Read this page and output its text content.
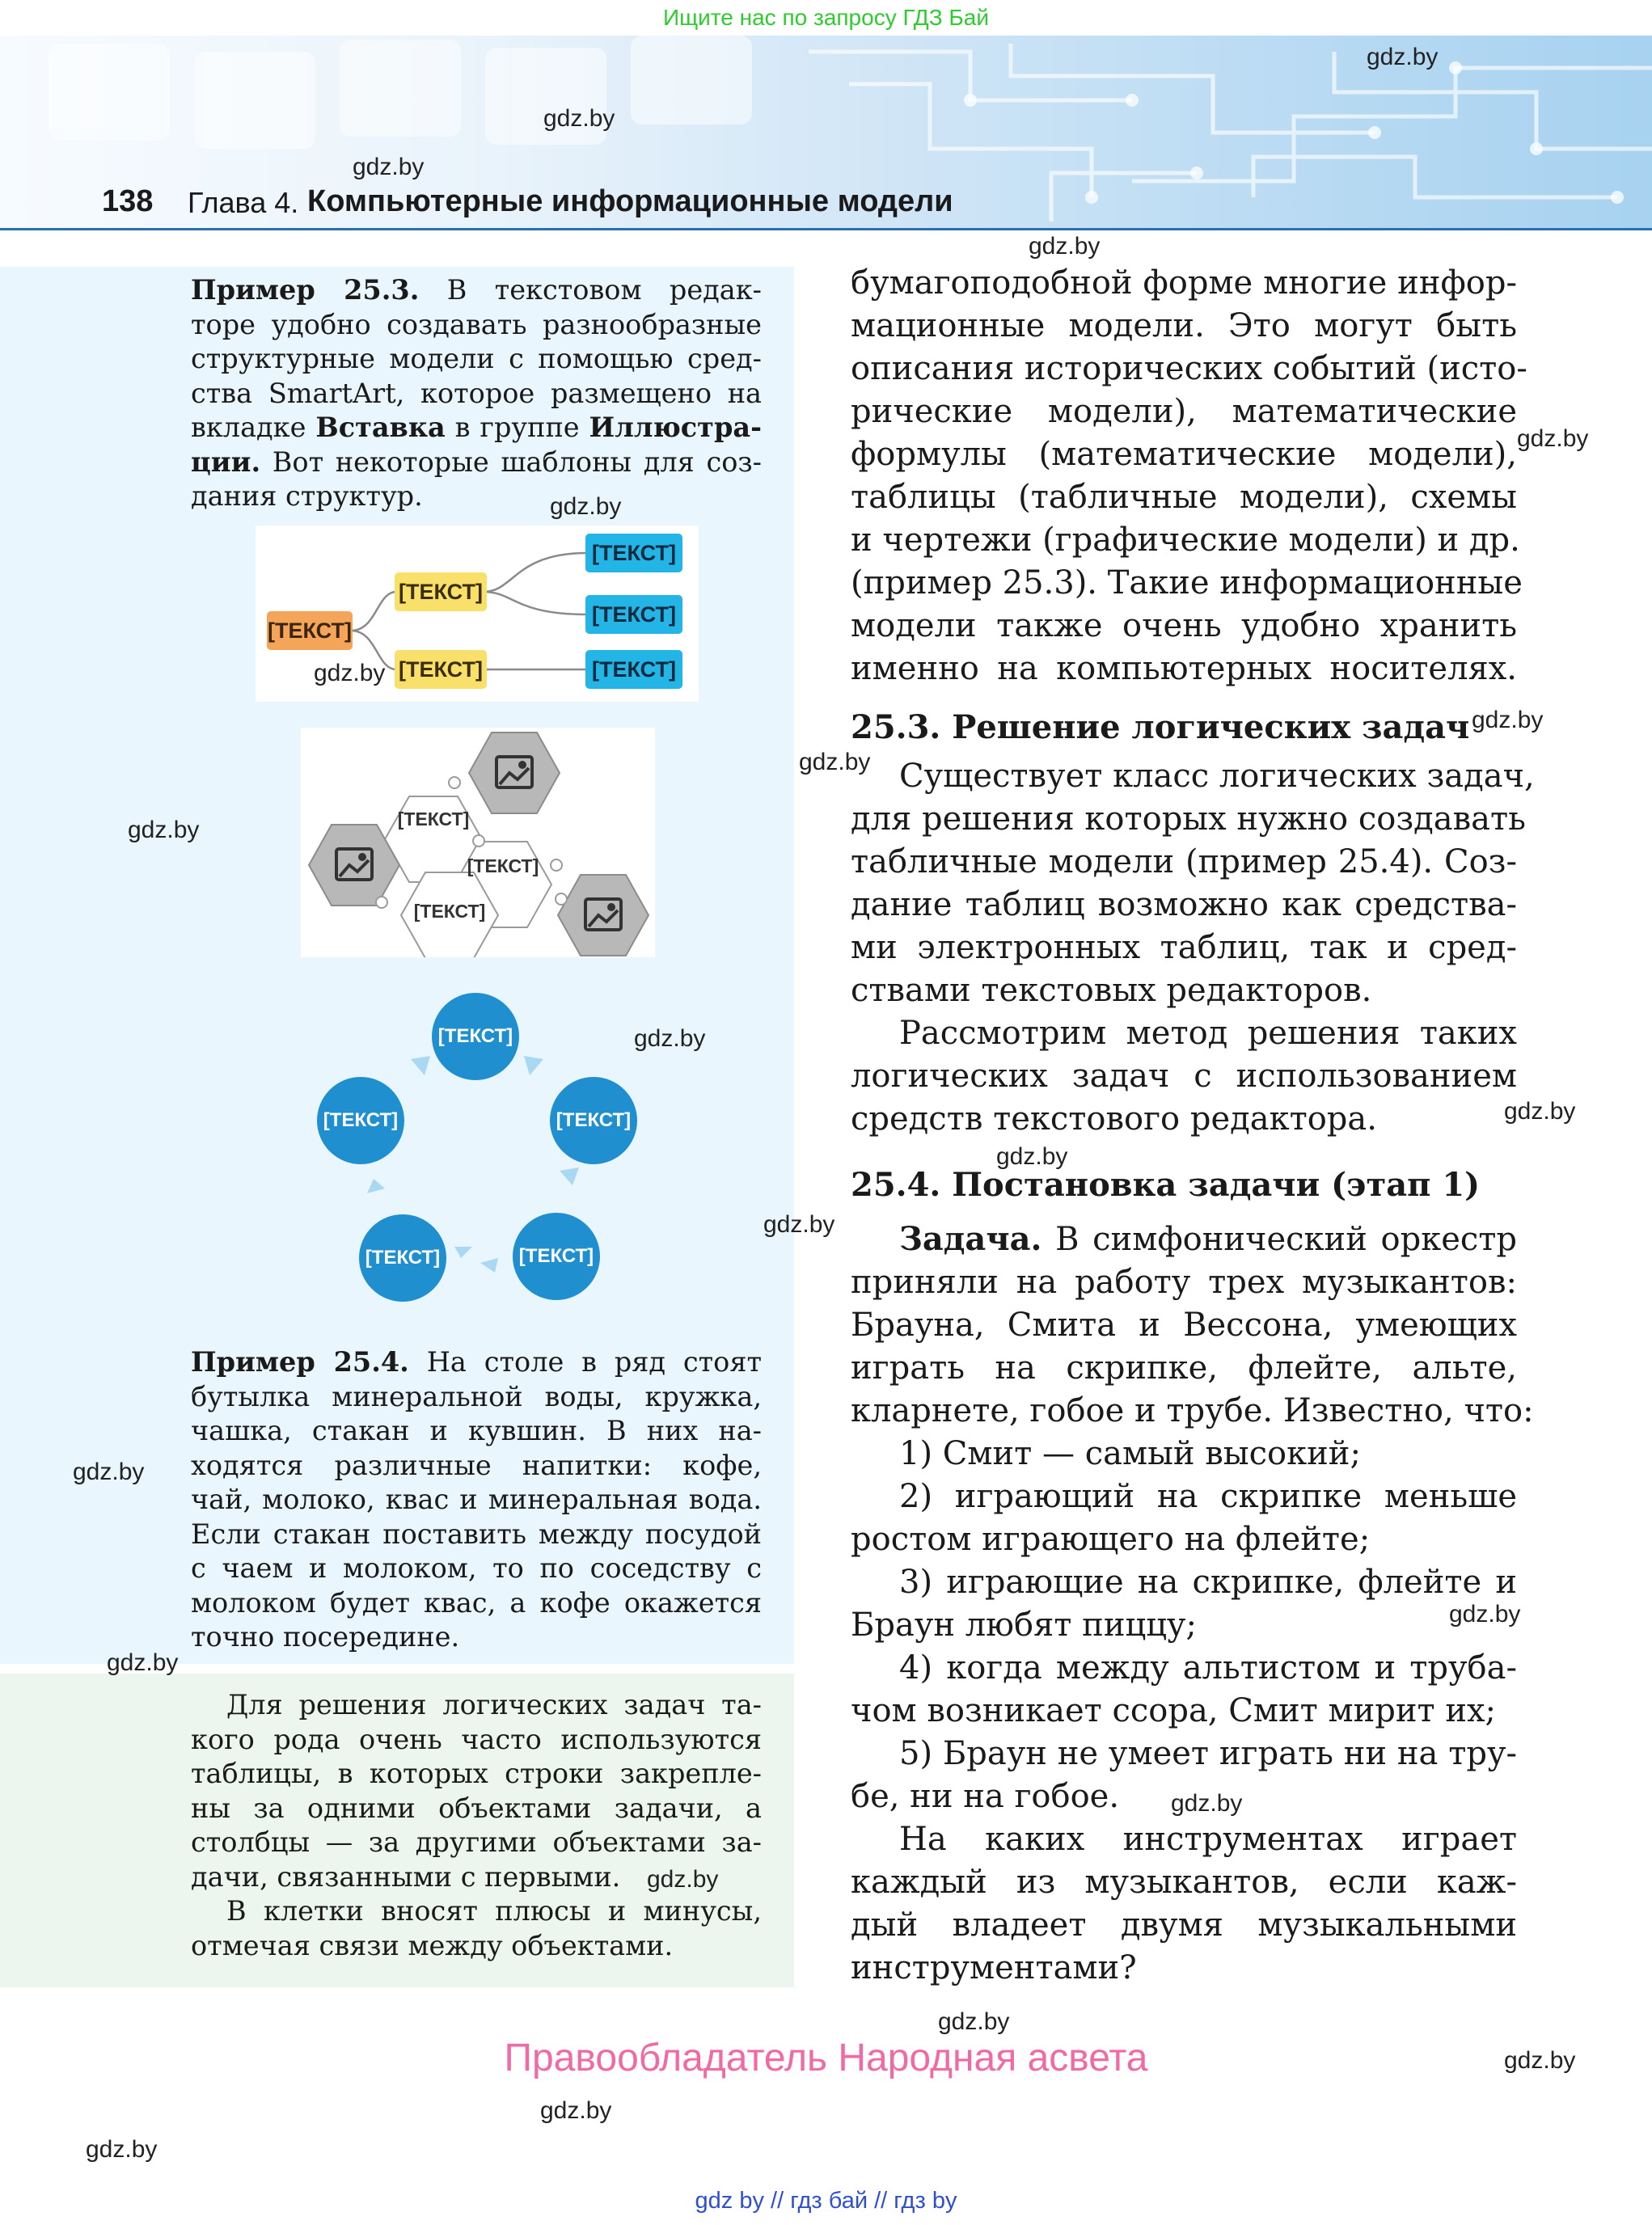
Ищите нас по запросу ГДЗ Бай
138 Глава 4. Компьютерные информационные модели
Пример 25.3. В текстовом редак-
торе удобно создавать разнообразные
структурные модели с помощью сред-
ства SmartArt, которое размещено на
вкладке Вставка в группе Иллюстра-
ции. Вот некоторые шаблоны для соз-
дания структур.
[ТЕКСТ]
[ТЕКСТ]
[ТЕКСТ]
[ТЕКСТ]
[ТЕКСТ]
[ТЕКСТ]
[ТЕКСТ]
[ТЕКСТ]
[ТЕКСТ]
[ТЕКСТ]
[ТЕКСТ]
[ТЕКСТ]
[ТЕКСТ]
[ТЕКСТ]
Пример 25.4. На столе в ряд стоят
бутылка минеральной воды, кружка,
чашка, стакан и кувшин. В них на-
ходятся различные напитки: кофе,
чай, молоко, квас и минеральная вода.
Если стакан поставить между посудой
с чаем и молоком, то по соседству с
молоком будет квас, а кофе окажется
точно посередине.
Для решения логических задач та-
кого рода очень часто используются
таблицы, в которых строки закрепле-
ны за одними объектами задачи, а
столбцы — за другими объектами за-
дачи, связанными с первыми.
В клетки вносят плюсы и минусы,
отмечая связи между объектами.
бумагоподобной форме многие инфор-
мационные модели. Это могут быть
описания исторических событий (исто-
рические модели), математические
формулы (математические модели),
таблицы (табличные модели), схемы
и чертежи (графические модели) и др.
(пример 25.3). Такие информационные
модели также очень удобно хранить
именно на компьютерных носителях.
25.3. Решение логических задач
Существует класс логических задач,
для решения которых нужно создавать
табличные модели (пример 25.4). Соз-
дание таблиц возможно как средства-
ми электронных таблиц, так и сред-
ствами текстовых редакторов.
Рассмотрим метод решения таких
логических задач с использованием
средств текстового редактора.
25.4. Постановка задачи (этап 1)
Задача. В симфонический оркестр
приняли на работу трех музыкантов:
Брауна, Смита и Вессона, умеющих
играть на скрипке, флейте, альте,
кларнете, гобое и трубе. Известно, что:
1) Смит — самый высокий;
2) играющий на скрипке меньше
ростом играющего на флейте;
3) играющие на скрипке, флейте и
Браун любят пиццу;
4) когда между альтистом и труба-
чом возникает ссора, Смит мирит их;
5) Браун не умеет играть ни на тру-
бе, ни на гобое.
На каких инструментах играет
каждый из музыкантов, если каж-
дый владеет двумя музыкальными
инструментами?
gdz.by
gdz.by
gdz.by
gdz.by
gdz.by
gdz.by
gdz.by
gdz.by
gdz.by
gdz.by
gdz.by
gdz.by
gdz.by
gdz.by
gdz.by
gdz.by
gdz.by
gdz.by
gdz.by
gdz.by
gdz.by
gdz.by
gdz.by
Правообладатель Народная асвета
gdz by // гдз бай // гдз by
